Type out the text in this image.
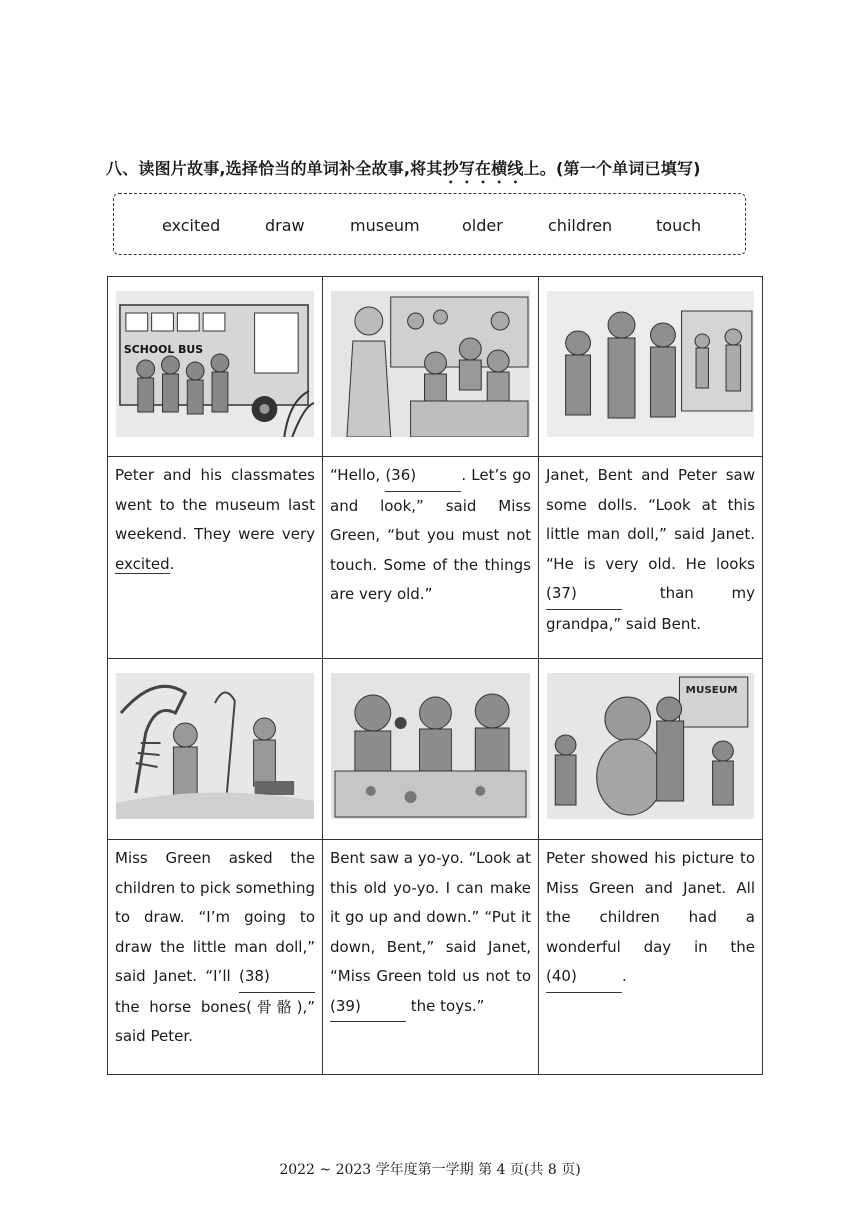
八、读图片故事,选择恰当的单词补全故事,将其抄写在横线上。(第一个单词已填写)
excited	draw	museum	older	children	touch
SCHOOL BUS

Peter and his classmates went to the museum last weekend. They were very excited.	“Hello, (36) . Let’s go and look,” said Miss Green, “but you must not touch. Some of the things are very old.”	Janet, Bent and Peter saw some dolls. “Look at this little man doll,” said Janet. “He is very old. He looks (37) than my grandpa,” said Bent.

MUSEUM

Miss Green asked the children to pick something to draw. “I’m going to draw the little man doll,” said Janet. “I’ll (38) the horse bones(骨骼),” said Peter.	Bent saw a yo-yo. “Look at this old yo-yo. I can make it go up and down.” “Put it down, Bent,” said Janet, “Miss Green told us not to (39) the toys.”	Peter showed his picture to Miss Green and Janet. All the children had a wonderful day in the (40) .
2022 ~ 2023 学年度第一学期 第 4 页(共 8 页)
